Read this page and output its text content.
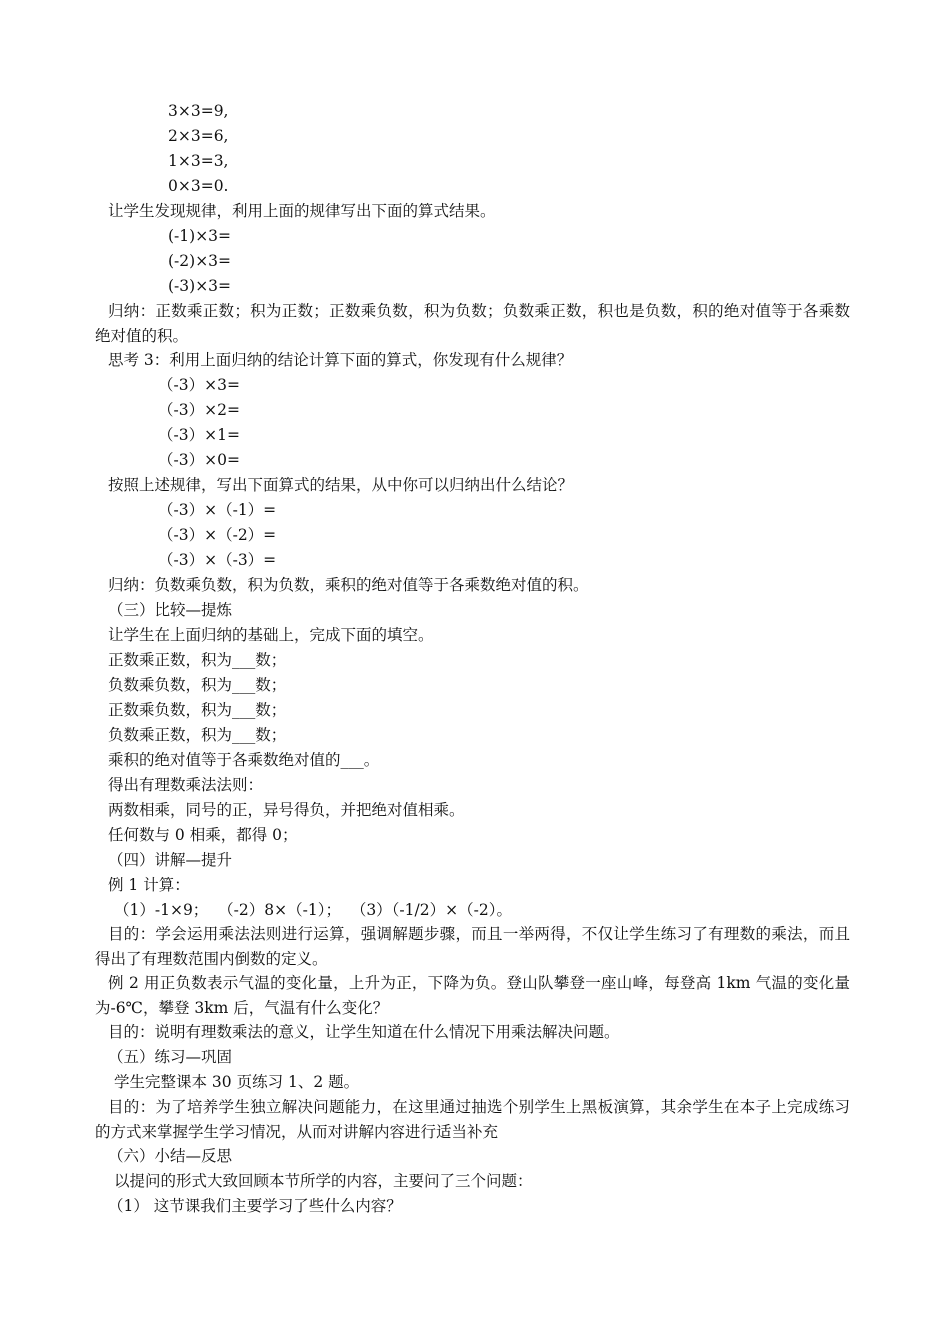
3×3=9,
2×3=6,
1×3=3,
0×3=0.
让学生发现规律，利用上面的规律写出下面的算式结果。
(-1)×3=
(-2)×3=
(-3)×3=
归纳：正数乘正数；积为正数；正数乘负数，积为负数；负数乘正数，积也是负数，积的绝对值等于各乘数绝对值的积。
思考 3：利用上面归纳的结论计算下面的算式，你发现有什么规律？
（-3）×3=
（-3）×2=
（-3）×1=
（-3）×0=
按照上述规律，写出下面算式的结果，从中你可以归纳出什么结论？
（-3）×（-1）=
（-3）×（-2）=
（-3）×（-3）=
归纳：负数乘负数，积为负数，乘积的绝对值等于各乘数绝对值的积。
（三）比较—提炼
让学生在上面归纳的基础上，完成下面的填空。
正数乘正数，积为___数；
负数乘负数，积为___数；
正数乘负数，积为___数；
负数乘正数，积为___数；
乘积的绝对值等于各乘数绝对值的___。
得出有理数乘法法则：
两数相乘，同号的正，异号得负，并把绝对值相乘。
任何数与 0 相乘，都得 0；
（四）讲解—提升
例 1 计算：
（1）-1×9；  （-2）8×（-1）；  （3）（-1/2）×（-2）。
目的：学会运用乘法法则进行运算，强调解题步骤，而且一举两得，不仅让学生练习了有理数的乘法，而且得出了有理数范围内倒数的定义。
例 2 用正负数表示气温的变化量，上升为正，下降为负。登山队攀登一座山峰，每登高 1km 气温的变化量为-6℃，攀登 3km 后，气温有什么变化？
目的：说明有理数乘法的意义，让学生知道在什么情况下用乘法解决问题。
（五）练习—巩固
学生完整课本 30 页练习 1、2 题。
目的：为了培养学生独立解决问题能力，在这里通过抽选个别学生上黑板演算，其余学生在本子上完成练习的方式来掌握学生学习情况，从而对讲解内容进行适当补充
（六）小结—反思
以提问的形式大致回顾本节所学的内容，主要问了三个问题：
（1） 这节课我们主要学习了些什么内容？
